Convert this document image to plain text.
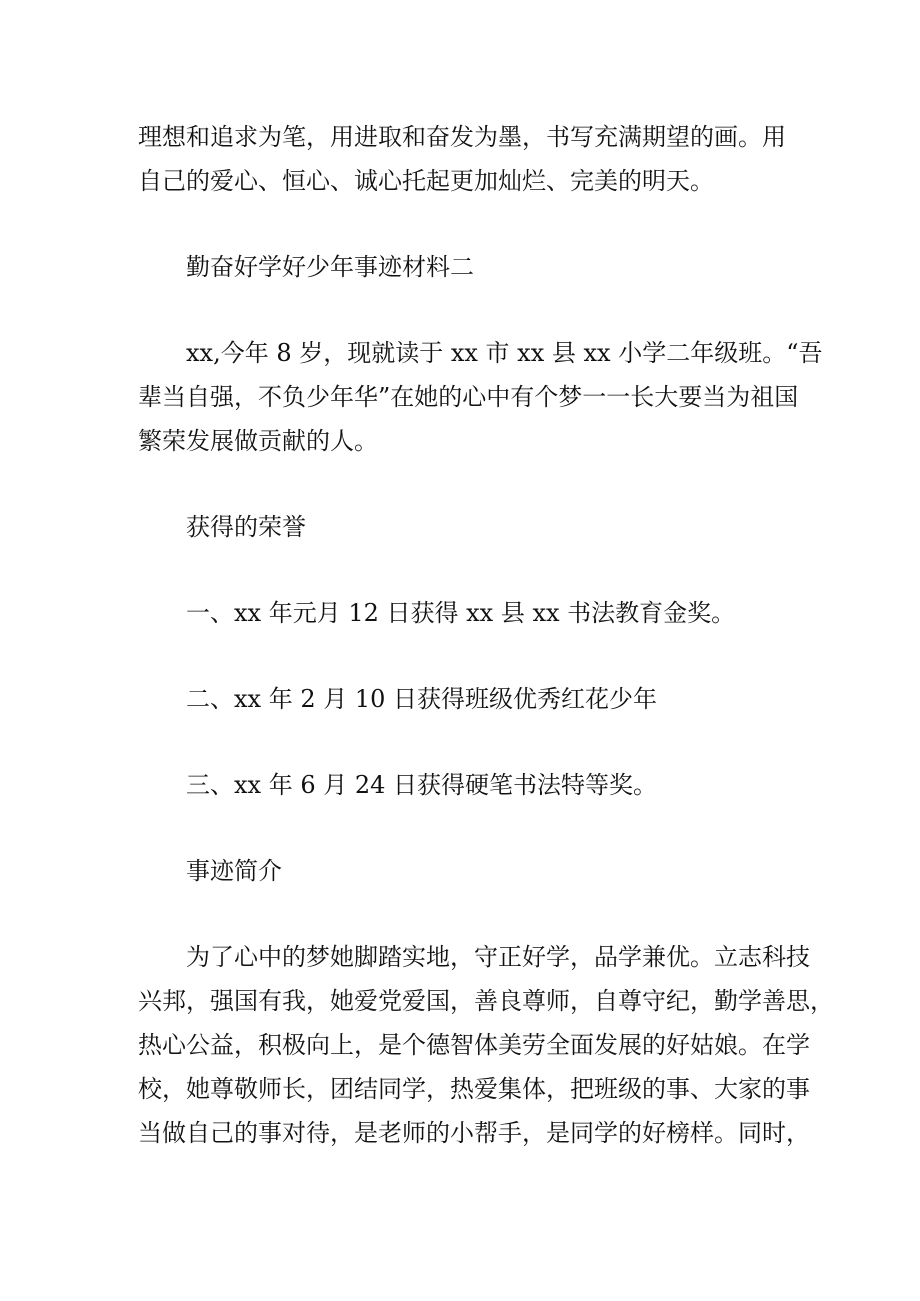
理想和追求为笔，用进取和奋发为墨，书写充满期望的画。用
自己的爱心、恒心、诚心托起更加灿烂、完美的明天。
勤奋好学好少年事迹材料二
xx,今年 8 岁，现就读于 xx 市 xx 县 xx 小学二年级班。“吾
辈当自强，不负少年华”在她的心中有个梦一一长大要当为祖国
繁荣发展做贡献的人。
获得的荣誉
一、xx 年元月 12 日获得 xx 县 xx 书法教育金奖。
二、xx 年 2 月 10 日获得班级优秀红花少年
三、xx 年 6 月 24 日获得硬笔书法特等奖。
事迹简介
为了心中的梦她脚踏实地，守正好学，品学兼优。立志科技
兴邦，强国有我，她爱党爱国，善良尊师，自尊守纪，勤学善思，
热心公益，积极向上，是个德智体美劳全面发展的好姑娘。在学
校，她尊敬师长，团结同学，热爱集体，把班级的事、大家的事
当做自己的事对待，是老师的小帮手，是同学的好榜样。同时，
